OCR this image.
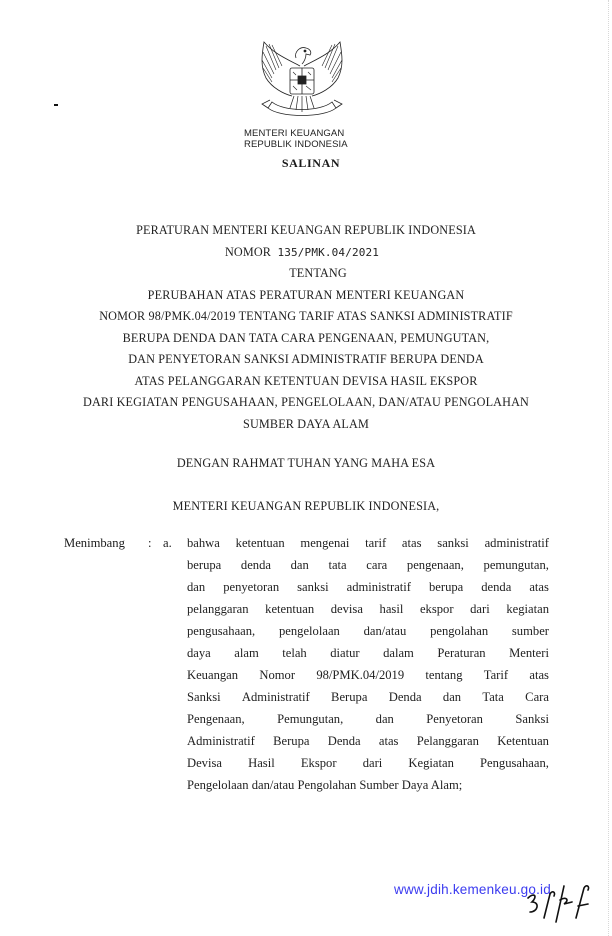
MENTERI KEUANGAN
REPUBLIK INDONESIA
SALINAN
PERATURAN MENTERI KEUANGAN REPUBLIK INDONESIA
NOMOR 135/PMK.04/2021
TENTANG
PERUBAHAN ATAS PERATURAN MENTERI KEUANGAN
NOMOR 98/PMK.04/2019 TENTANG TARIF ATAS SANKSI ADMINISTRATIF
BERUPA DENDA DAN TATA CARA PENGENAAN, PEMUNGUTAN,
DAN PENYETORAN SANKSI ADMINISTRATIF BERUPA DENDA
ATAS PELANGGARAN KETENTUAN DEVISA HASIL EKSPOR
DARI KEGIATAN PENGUSAHAAN, PENGELOLAAN, DAN/ATAU PENGOLAHAN
SUMBER DAYA ALAM
DENGAN RAHMAT TUHAN YANG MAHA ESA
MENTERI KEUANGAN REPUBLIK INDONESIA,
Menimbang : a. bahwa ketentuan mengenai tarif atas sanksi administratif
berupa denda dan tata cara pengenaan, pemungutan,
dan penyetoran sanksi administratif berupa denda atas
pelanggaran ketentuan devisa hasil ekspor dari kegiatan
pengusahaan, pengelolaan dan/atau pengolahan sumber
daya alam telah diatur dalam Peraturan Menteri
Keuangan Nomor 98/PMK.04/2019 tentang Tarif atas
Sanksi Administratif Berupa Denda dan Tata Cara
Pengenaan,	Pemungutan,	dan	Penyetoran	Sanksi
Administratif Berupa Denda atas Pelanggaran Ketentuan
Devisa Hasil Ekspor dari Kegiatan Pengusahaan,
Pengelolaan dan/atau Pengolahan Sumber Daya Alam;
www.jdih.kemenkeu.go.id
